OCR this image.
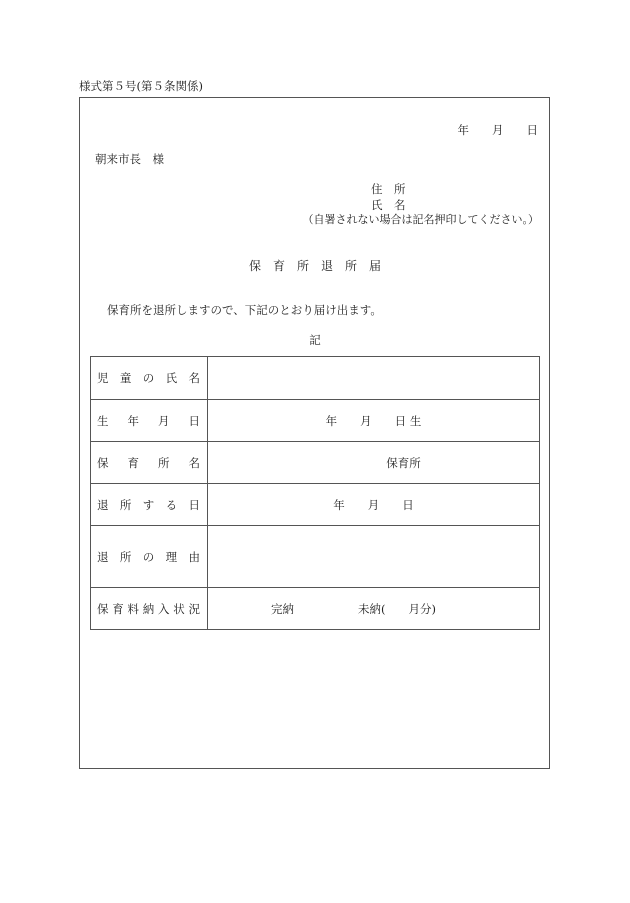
様式第５号(第５条関係)
年　　月　　日
朝来市長　様
住　所
氏　名
（自署されない場合は記名押印してください。）
保　育　所　退　所　届
保育所を退所しますので、下記のとおり届け出ます。
記
児童の氏名	

生年月日	年　　月　　日 生

保育所名	保育所

退所する日	年　　月　　日

退所の理由	

保育料納入状況	完納 未納(　　月分)
